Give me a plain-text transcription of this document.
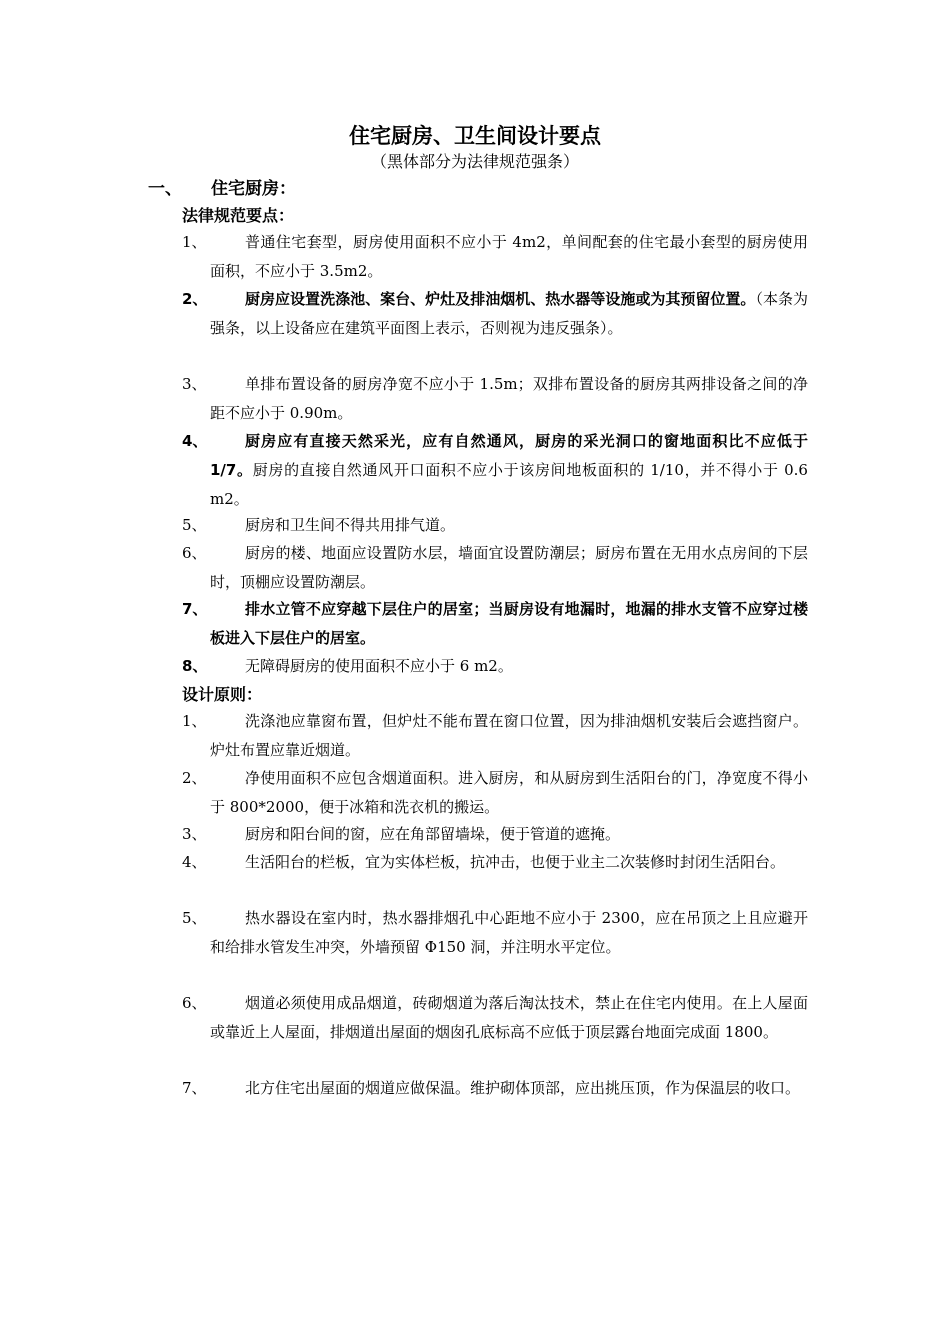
住宅厨房、卫生间设计要点
（黑体部分为法律规范强条）
一、 住宅厨房：
法律规范要点：
1、	普通住宅套型，厨房使用面积不应小于 4m2，单间配套的住宅最小套型的厨房使用面积，不应小于 3.5m2。
2、	厨房应设置洗涤池、案台、炉灶及排油烟机、热水器等设施或为其预留位置。（本条为强条，以上设备应在建筑平面图上表示，否则视为违反强条）。
3、	单排布置设备的厨房净宽不应小于 1.5m；双排布置设备的厨房其两排设备之间的净距不应小于 0.90m。
4、	厨房应有直接天然采光，应有自然通风，厨房的采光洞口的窗地面积比不应低于 1/7。厨房的直接自然通风开口面积不应小于该房间地板面积的 1/10，并不得小于 0.6 m2。
5、	厨房和卫生间不得共用排气道。
6、	厨房的楼、地面应设置防水层，墙面宜设置防潮层；厨房布置在无用水点房间的下层时，顶棚应设置防潮层。
7、	排水立管不应穿越下层住户的居室；当厨房设有地漏时，地漏的排水支管不应穿过楼板进入下层住户的居室。
8、	无障碍厨房的使用面积不应小于 6 m2。
设计原则：
1、	洗涤池应靠窗布置，但炉灶不能布置在窗口位置，因为排油烟机安装后会遮挡窗户。炉灶布置应靠近烟道。
2、	净使用面积不应包含烟道面积。进入厨房，和从厨房到生活阳台的门，净宽度不得小于 800*2000，便于冰箱和洗衣机的搬运。
3、	厨房和阳台间的窗，应在角部留墙垛，便于管道的遮掩。
4、	生活阳台的栏板，宜为实体栏板，抗冲击，也便于业主二次装修时封闭生活阳台。
5、	热水器设在室内时，热水器排烟孔中心距地不应小于 2300，应在吊顶之上且应避开和给排水管发生冲突，外墙预留 Φ150 洞，并注明水平定位。
6、	烟道必须使用成品烟道，砖砌烟道为落后淘汰技术，禁止在住宅内使用。在上人屋面或靠近上人屋面，排烟道出屋面的烟囱孔底标高不应低于顶层露台地面完成面 1800。
7、	北方住宅出屋面的烟道应做保温。维护砌体顶部，应出挑压顶，作为保温层的收口。
